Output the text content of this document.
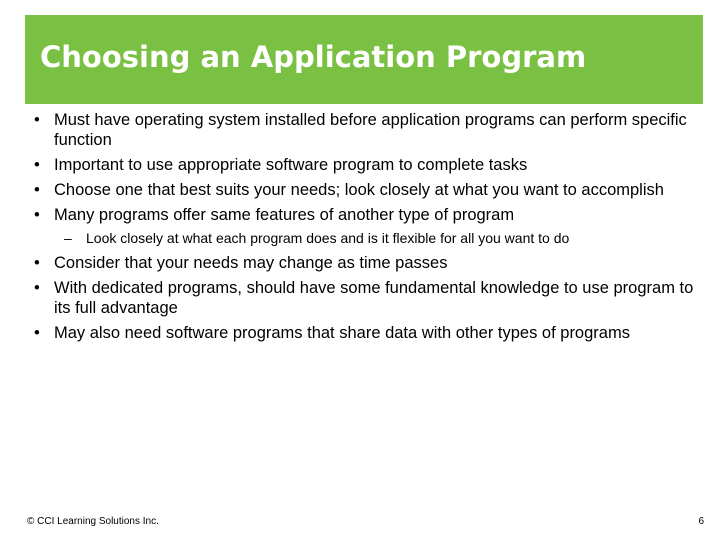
Choosing an Application Program
• Must have operating system installed before application programs can perform specific function
• Important to use appropriate software program to complete tasks
• Choose one that best suits your needs; look closely at what you want to accomplish
• Many programs offer same features of another type of program
– Look closely at what each program does and is it flexible for all you want to do
• Consider that your needs may change as time passes
• With dedicated programs, should have some fundamental knowledge to use program to its full advantage
• May also need software programs that share data with other types of programs
© CCI Learning Solutions Inc.	6
